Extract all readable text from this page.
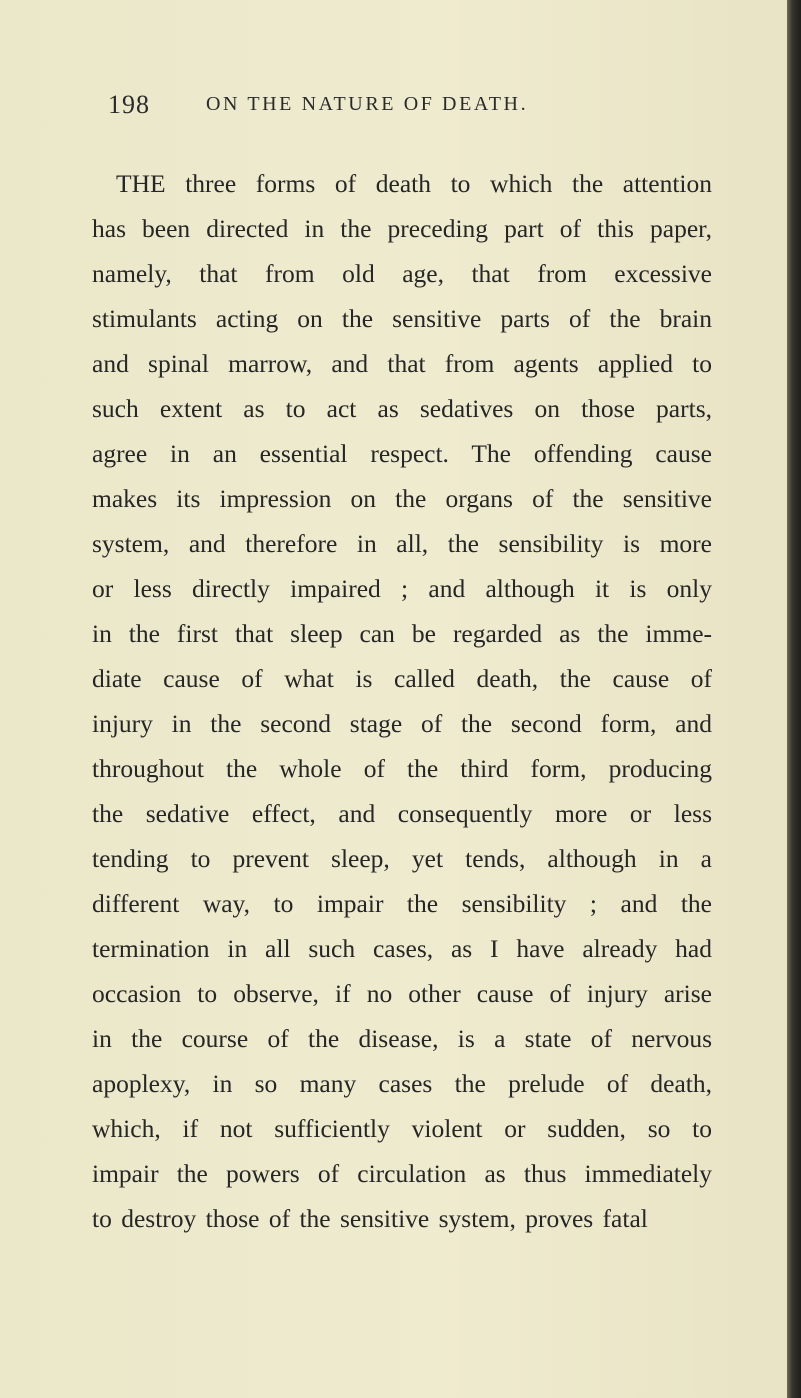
198	ON THE NATURE OF DEATH.
THE three forms of death to which the attention
has been directed in the preceding part of this paper,
namely, that from old age, that from excessive
stimulants acting on the sensitive parts of the brain
and spinal marrow, and that from agents applied to
such extent as to act as sedatives on those parts,
agree in an essential respect. The offending cause
makes its impression on the organs of the sensitive
system, and therefore in all, the sensibility is more
or less directly impaired ; and although it is only
in the first that sleep can be regarded as the imme-
diate cause of what is called death, the cause of
injury in the second stage of the second form, and
throughout the whole of the third form, producing
the sedative effect, and consequently more or less
tending to prevent sleep, yet tends, although in a
different way, to impair the sensibility ; and the
termination in all such cases, as I have already had
occasion to observe, if no other cause of injury arise
in the course of the disease, is a state of nervous
apoplexy, in so many cases the prelude of death,
which, if not sufficiently violent or sudden, so to
impair the powers of circulation as thus immediately
to destroy those of the sensitive system, proves fatal
